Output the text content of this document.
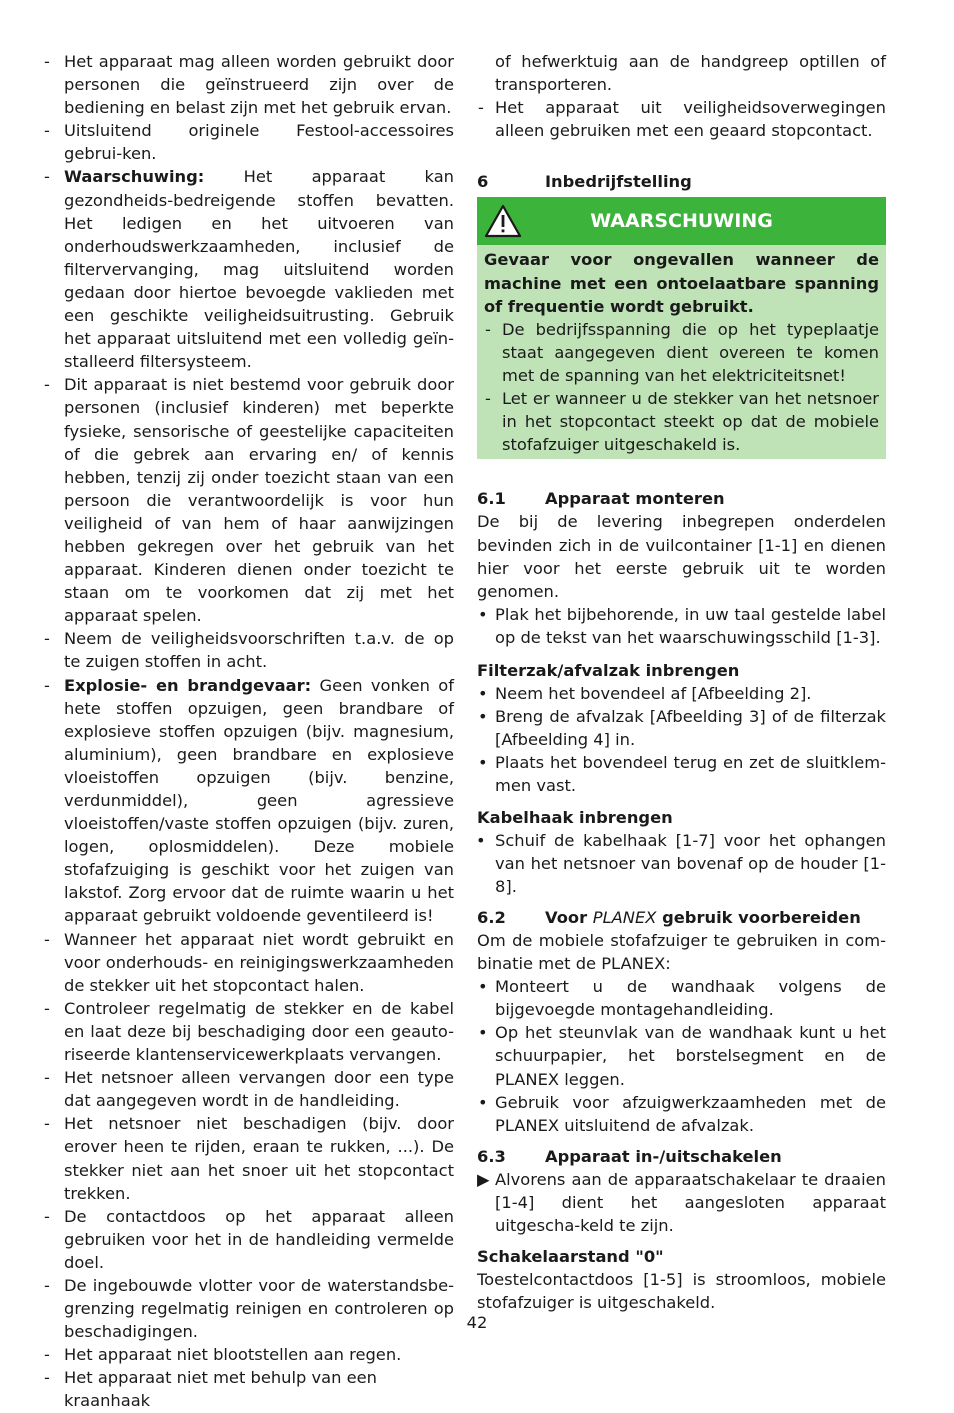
- Het apparaat mag alleen worden gebruikt door personen die geïnstrueerd zijn over de bediening en belast zijn met het gebruik ervan.
- Uitsluitend originele Festool-accessoires gebrui-ken.
- Waarschuwing: Het apparaat kan gezondheids-bedreigende stoffen bevatten. Het ledigen en het uitvoeren van onderhoudswerkzaamheden, inclusief de filtervervanging, mag uitsluitend worden gedaan door hiertoe bevoegde vaklieden met een geschikte veiligheidsuitrusting. Gebruik het apparaat uitsluitend met een volledig geïn-stalleerd filtersysteem.
- Dit apparaat is niet bestemd voor gebruik door personen (inclusief kinderen) met beperkte fysieke, sensorische of geestelijke capaciteiten of die gebrek aan ervaring en/ of kennis hebben, tenzij zij onder toezicht staan van een persoon die verantwoordelijk is voor hun veiligheid of van hem of haar aanwijzingen hebben gekregen over het gebruik van het apparaat. Kinderen dienen onder toezicht te staan om te voorkomen dat zij met het apparaat spelen.
- Neem de veiligheidsvoorschriften t.a.v. de op te zuigen stoffen in acht.
- Explosie- en brandgevaar: Geen vonken of hete stoffen opzuigen, geen brandbare of explosieve stoffen opzuigen (bijv. magnesium, aluminium), geen brandbare en explosieve vloeistoffen opzuigen (bijv. benzine, verdunmiddel), geen agressieve vloeistoffen/vaste stoffen opzuigen (bijv. zuren, logen, oplosmiddelen). Deze mobiele stofafzuiging is geschikt voor het zuigen van lakstof. Zorg ervoor dat de ruimte waarin u het apparaat gebruikt voldoende geventileerd is!
- Wanneer het apparaat niet wordt gebruikt en voor onderhouds- en reinigingswerkzaamheden de stekker uit het stopcontact halen.
- Controleer regelmatig de stekker en de kabel en laat deze bij beschadiging door een geauto-riseerde klantenservicewerkplaats vervangen.
- Het netsnoer alleen vervangen door een type dat aangegeven wordt in de handleiding.
- Het netsnoer niet beschadigen (bijv. door erover heen te rijden, eraan te rukken, ...). De stekker niet aan het snoer uit het stopcontact trekken.
- De contactdoos op het apparaat alleen gebruiken voor het in de handleiding vermelde doel.
- De ingebouwde vlotter voor de waterstandsbe-grenzing regelmatig reinigen en controleren op beschadigingen.
- Het apparaat niet blootstellen aan regen.
- Het apparaat niet met behulp van een kraanhaak

of hefwerktuig aan de handgreep optillen of transporteren.

- Het apparaat uit veiligheidsoverwegingen alleen gebruiken met een geaard stopcontact.
6	Inbedrijfstelling
WAARSCHUWING

Gevaar voor ongevallen wanneer de machine met een ontoelaatbare spanning of frequentie wordt gebruikt.

- De bedrijfsspanning die op het typeplaatje staat aangegeven dient overeen te komen met de spanning van het elektriciteitsnet!
- Let er wanneer u de stekker van het netsnoer in het stopcontact steekt op dat de mobiele stofafzuiger uitgeschakeld is.
6.1	Apparaat monteren

De bij de levering inbegrepen onderdelen bevinden zich in de vuilcontainer [1-1] en dienen hier voor het eerste gebruik uit te worden genomen.

• Plak het bijbehorende, in uw taal gestelde label op de tekst van het waarschuwingsschild [1-3].

Filterzak/afvalzak inbrengen

• Neem het bovendeel af [Afbeelding 2].
• Breng de afvalzak [Afbeelding 3] of de filterzak [Afbeelding 4] in.
• Plaats het bovendeel terug en zet de sluitklem-men vast.

Kabelhaak inbrengen

• Schuif de kabelhaak [1-7] voor het ophangen van het netsnoer van bovenaf op de houder [1-8].
6.2	Voor PLANEX gebruik voorbereiden

Om de mobiele stofafzuiger te gebruiken in com-binatie met de PLANEX:

• Monteert u de wandhaak volgens de bijgevoegde montagehandleiding.
• Op het steunvlak van de wandhaak kunt u het schuurpapier, het borstelsegment en de PLANEX leggen.
• Gebruik voor afzuigwerkzaamheden met de PLANEX uitsluitend de afvalzak.
6.3	Apparaat in-/uitschakelen
▶ Alvorens aan de apparaatschakelaar te draaien [1-4] dient het aangesloten apparaat uitgescha-keld te zijn.

Schakelaarstand "0"

Toestelcontactdoos [1-5] is stroomloos, mobiele stofafzuiger is uitgeschakeld.

42
